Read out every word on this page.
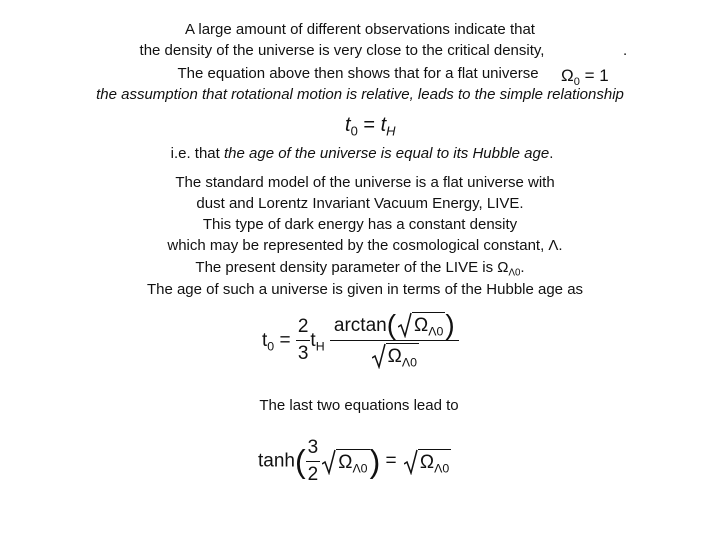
A large amount of different observations indicate that
the density of the universe is very close to the critical density,	.
The equation above then shows that for a flat universe
the assumption that rotational motion is relative, leads to the simple relationship
$\Omega_0 = 1$
$t_0 = t_H$
i.e. that the age of the universe is equal to its Hubble age.
The standard model of the universe is a flat universe with
dust and Lorentz Invariant Vacuum Energy, LIVE.
This type of dark energy has a constant density
which may be represented by the cosmological constant, Λ.
The present density parameter of the LIVE is $\Omega_{\Lambda 0}$.
The age of such a universe is given in terms of the Hubble age as
$t_0 = \frac{2}{3} t_H \frac{\arctan( \Omega_{\Lambda 0})}{\Omega_{\Lambda 0}}$
The last two equations lead to
$\tanh( \frac{3}{2} \Omega_{\Lambda 0}) = \Omega_{\Lambda 0}$
